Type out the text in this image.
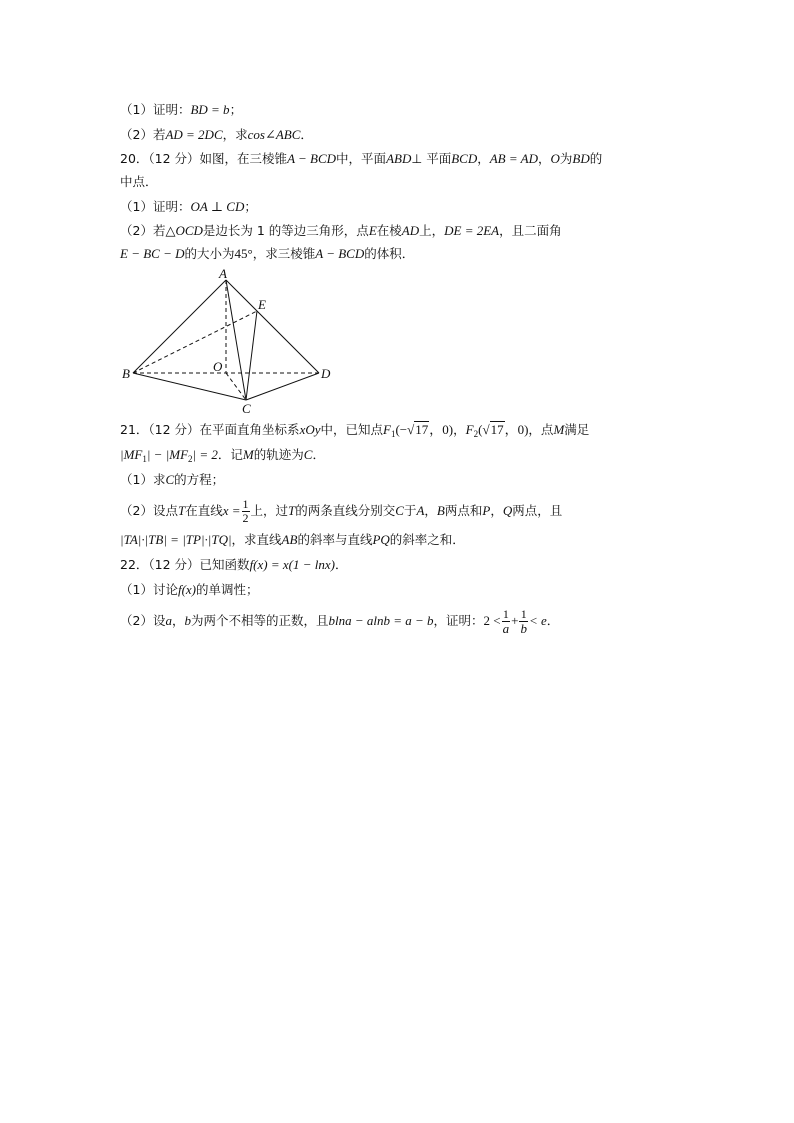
（1）证明：BD = b；
（2）若AD = 2DC，求cos∠ABC．
20．（12 分）如图，在三棱锥A − BCD中，平面ABD⊥ 平面BCD，AB = AD，O为BD的
中点．
（1）证明：OA ⊥ CD；
（2）若△OCD是边长为 1 的等边三角形，点E在棱AD上，DE = 2EA，且二面角
E − BC − D的大小为45°，求三棱锥A − BCD的体积．
A
E
O
B	D
C
21．（12 分）在平面直角坐标系xOy中，已知点$F_1(-√17$，0)，$F_2(√17$，0)，点M满足
$|MF_1| - |MF_2| = 2$．记M的轨迹为C．
（1）求C的方程；
（2）设点T在直线$x = \frac{1}{2}$ 上，过T的两条直线分别交C于A，B两点和P，Q两点，且
|TA|·|TB| = |TP|·|TQ|，求直线AB的斜率与直线PQ的斜率之和．
22．（12 分）已知函数f(x) = x(1 − lnx)．
（1）讨论f(x)的单调性；
（2）设a，b为两个不相等的正数，且blna − alnb = a − b，证明：$2 < \frac{1}{a} + \frac{1}{b} < e$．
